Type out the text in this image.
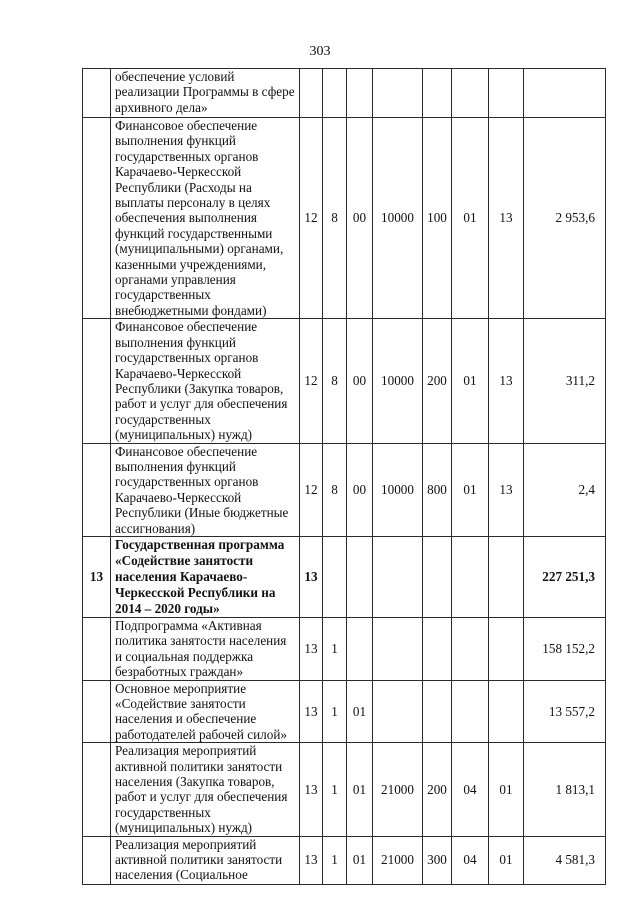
303
	обеспечение условий реализации Программы в сфере архивного дела»								
	Финансовое обеспечение выполнения функций государственных органов Карачаево-Черкесской Республики (Расходы на выплаты персоналу в целях обеспечения выполнения функций государственными (муниципальными) органами, казенными учреждениями, органами управления государственных внебюджетными фондами)	12	8	00	10000	100	01	13	2 953,6
	Финансовое обеспечение выполнения функций государственных органов Карачаево-Черкесской Республики (Закупка товаров, работ и услуг для обеспечения государственных (муниципальных) нужд)	12	8	00	10000	200	01	13	311,2
	Финансовое обеспечение выполнения функций государственных органов Карачаево-Черкесской Республики (Иные бюджетные ассигнования)	12	8	00	10000	800	01	13	2,4
13	Государственная программа «Содействие занятости населения Карачаево-Черкесской Республики на 2014 – 2020 годы»	13							227 251,3
	Подпрограмма «Активная политика занятости населения и социальная поддержка безработных граждан»	13	1						158 152,2
	Основное мероприятие «Содействие занятости населения и обеспечение работодателей рабочей силой»	13	1	01					13 557,2
	Реализация мероприятий активной политики занятости населения (Закупка товаров, работ и услуг для обеспечения государственных (муниципальных) нужд)	13	1	01	21000	200	04	01	1 813,1
	Реализация мероприятий активной политики занятости населения (Социальное	13	1	01	21000	300	04	01	4 581,3
